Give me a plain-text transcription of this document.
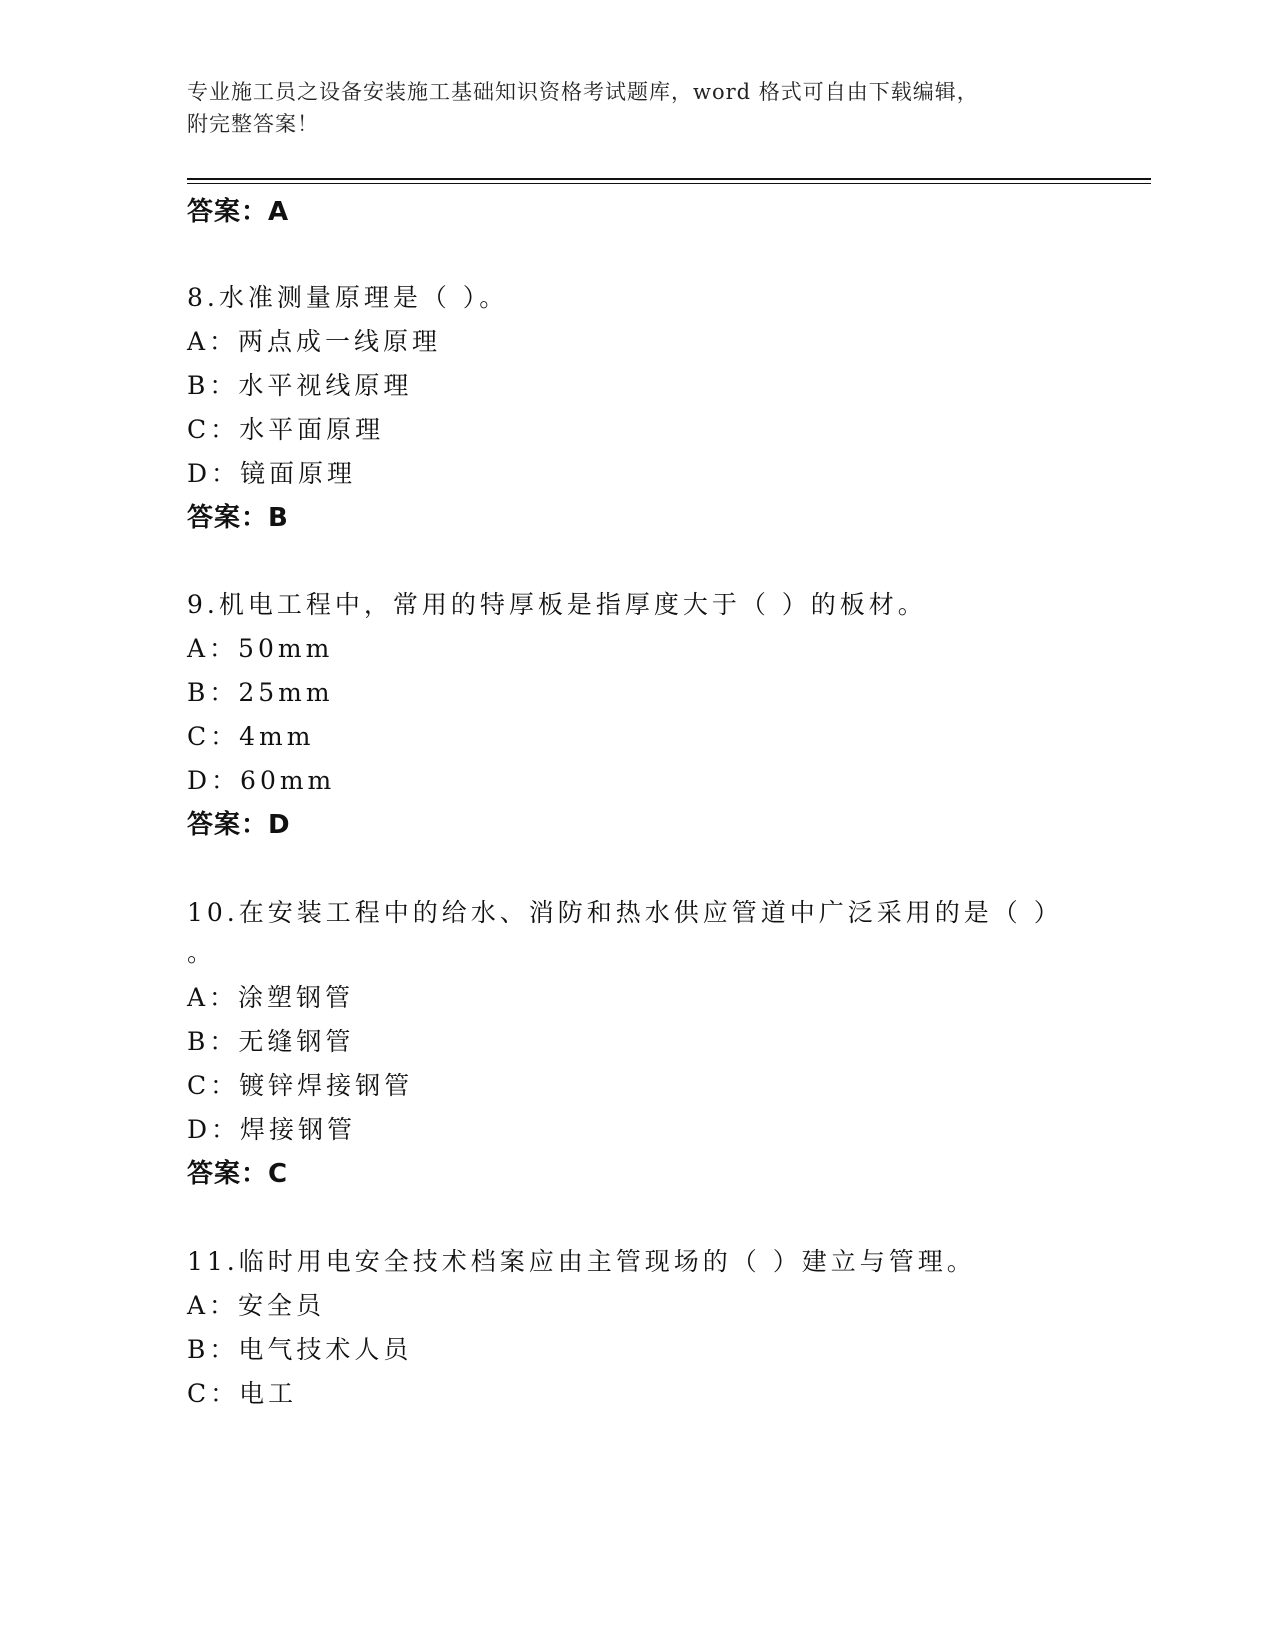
专业施工员之设备安装施工基础知识资格考试题库，word 格式可自由下载编辑，
附完整答案！
答案：A
8.水准测量原理是（ ）。
A：两点成一线原理
B：水平视线原理
C：水平面原理
D：镜面原理
答案：B
9.机电工程中，常用的特厚板是指厚度大于（ ）的板材。
A：50mm
B：25mm
C：4mm
D：60mm
答案：D
10.在安装工程中的给水、消防和热水供应管道中广泛采用的是（ ）
。
A：涂塑钢管
B：无缝钢管
C：镀锌焊接钢管
D：焊接钢管
答案：C
11.临时用电安全技术档案应由主管现场的（ ）建立与管理。
A：安全员
B：电气技术人员
C：电工
